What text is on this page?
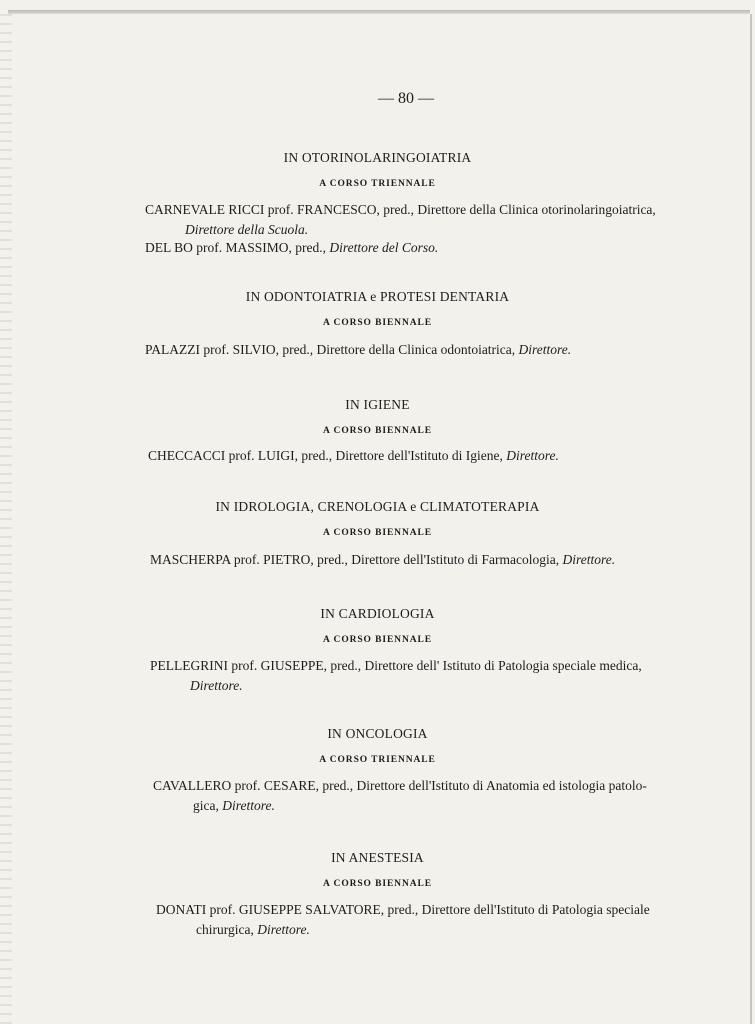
— 80 —
IN OTORINOLARINGOIATRIA
A CORSO TRIENNALE
CARNEVALE RICCI prof. FRANCESCO, pred., Direttore della Clinica otorinolaringoiatrica,
Direttore della Scuola.
DEL BO prof. MASSIMO, pred., Direttore del Corso.
IN ODONTOIATRIA e PROTESI DENTARIA
A CORSO BIENNALE
PALAZZI prof. SILVIO, pred., Direttore della Clinica odontoiatrica, Direttore.
IN IGIENE
A CORSO BIENNALE
CHECCACCI prof. LUIGI, pred., Direttore dell'Istituto di Igiene, Direttore.
IN IDROLOGIA, CRENOLOGIA e CLIMATOTERAPIA
A CORSO BIENNALE
MASCHERPA prof. PIETRO, pred., Direttore dell'Istituto di Farmacologia, Direttore.
IN CARDIOLOGIA
A CORSO BIENNALE
PELLEGRINI prof. GIUSEPPE, pred., Direttore dell' Istituto di Patologia speciale medica,
Direttore.
IN ONCOLOGIA
A CORSO TRIENNALE
CAVALLERO prof. CESARE, pred., Direttore dell'Istituto di Anatomia ed istologia patolo-
gica, Direttore.
IN ANESTESIA
A CORSO BIENNALE
DONATI prof. GIUSEPPE SALVATORE, pred., Direttore dell'Istituto di Patologia speciale
chirurgica, Direttore.
